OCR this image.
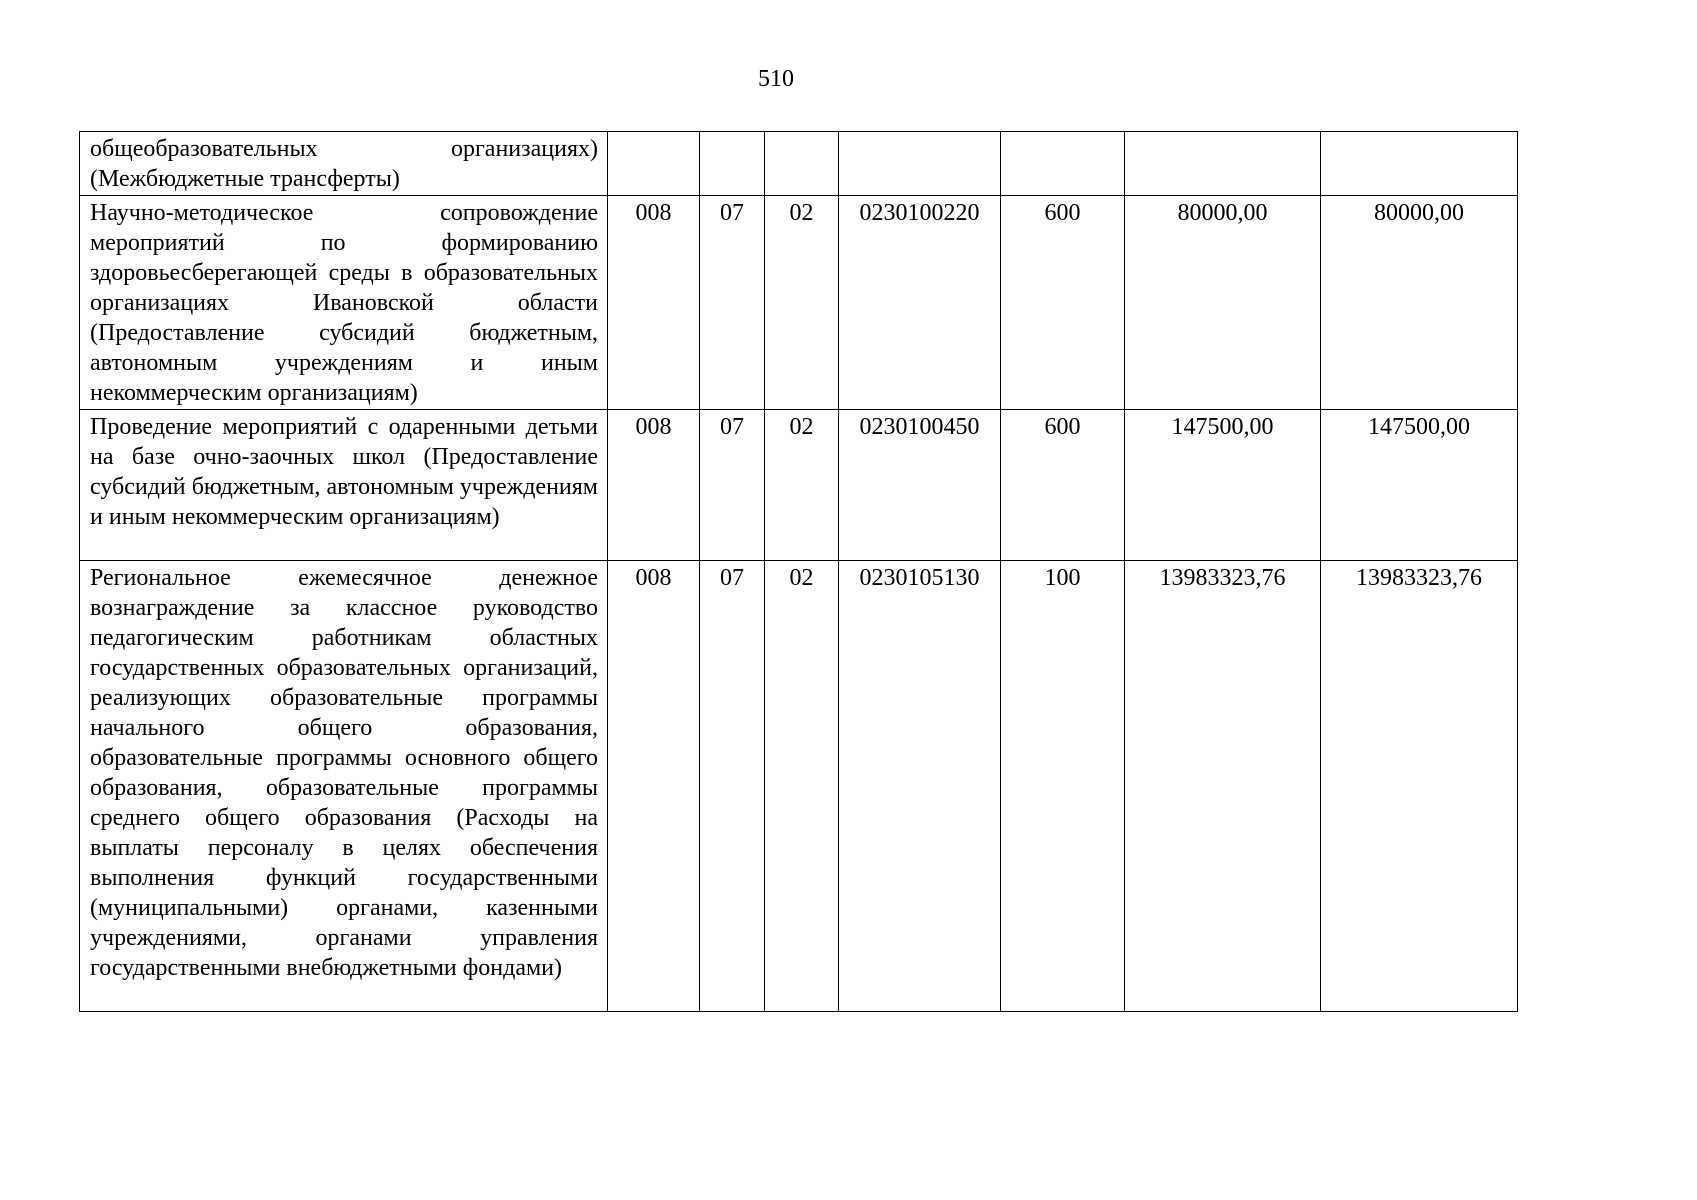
510
общеобразовательных организациях) (Межбюджетные трансферты)							
Научно-методическое сопровождение мероприятий по формированию здоровьесберегающей среды в образовательных организациях Ивановской области (Предоставление субсидий бюджетным, автономным учреждениям и иным некоммерческим организациям)	008	07	02	0230100220	600	80000,00	80000,00
Проведение мероприятий с одаренными детьми на базе очно-заочных школ (Предоставление субсидий бюджетным, автономным учреждениям и иным некоммерческим организациям)	008	07	02	0230100450	600	147500,00	147500,00
Региональное ежемесячное денежное вознаграждение за классное руководство педагогическим работникам областных государственных образовательных организаций, реализующих образовательные программы начального общего образования, образовательные программы основного общего образования, образовательные программы среднего общего образования (Расходы на выплаты персоналу в целях обеспечения выполнения функций государственными (муниципальными) органами, казенными учреждениями, органами управления государственными внебюджетными фондами)	008	07	02	0230105130	100	13983323,76	13983323,76
